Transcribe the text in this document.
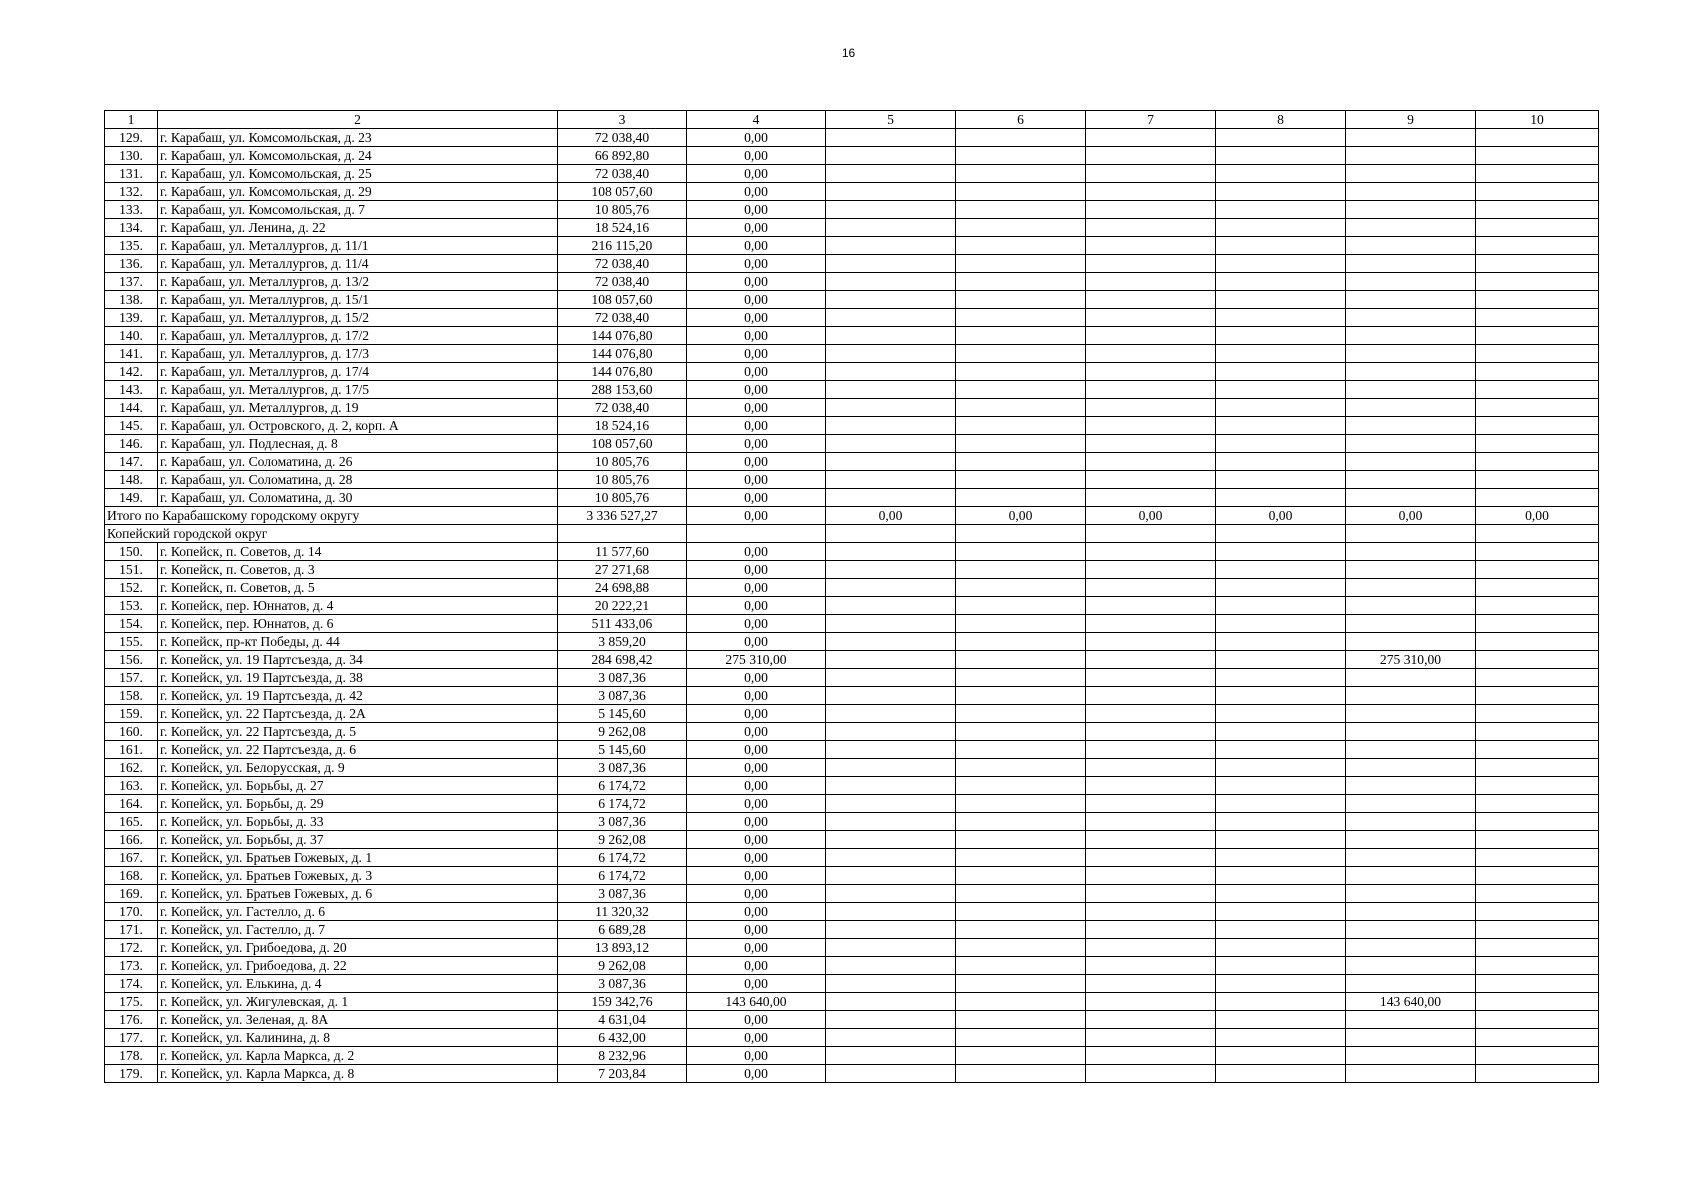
16
1	2	3	4	5	6	7	8	9	10
129.	г. Карабаш, ул. Комсомольская, д. 23	72 038,40	0,00						
130.	г. Карабаш, ул. Комсомольская, д. 24	66 892,80	0,00						
131.	г. Карабаш, ул. Комсомольская, д. 25	72 038,40	0,00						
132.	г. Карабаш, ул. Комсомольская, д. 29	108 057,60	0,00						
133.	г. Карабаш, ул. Комсомольская, д. 7	10 805,76	0,00						
134.	г. Карабаш, ул. Ленина, д. 22	18 524,16	0,00						
135.	г. Карабаш, ул. Металлургов, д. 11/1	216 115,20	0,00						
136.	г. Карабаш, ул. Металлургов, д. 11/4	72 038,40	0,00						
137.	г. Карабаш, ул. Металлургов, д. 13/2	72 038,40	0,00						
138.	г. Карабаш, ул. Металлургов, д. 15/1	108 057,60	0,00						
139.	г. Карабаш, ул. Металлургов, д. 15/2	72 038,40	0,00						
140.	г. Карабаш, ул. Металлургов, д. 17/2	144 076,80	0,00						
141.	г. Карабаш, ул. Металлургов, д. 17/3	144 076,80	0,00						
142.	г. Карабаш, ул. Металлургов, д. 17/4	144 076,80	0,00						
143.	г. Карабаш, ул. Металлургов, д. 17/5	288 153,60	0,00						
144.	г. Карабаш, ул. Металлургов, д. 19	72 038,40	0,00						
145.	г. Карабаш, ул. Островского, д. 2, корп. А	18 524,16	0,00						
146.	г. Карабаш, ул. Подлесная, д. 8	108 057,60	0,00						
147.	г. Карабаш, ул. Соломатина, д. 26	10 805,76	0,00						
148.	г. Карабаш, ул. Соломатина, д. 28	10 805,76	0,00						
149.	г. Карабаш, ул. Соломатина, д. 30	10 805,76	0,00						
Итого по Карабашскому городскому округу		3 336 527,27	0,00	0,00	0,00	0,00	0,00	0,00	0,00
Копейский городской округ									
150.	г. Копейск, п. Советов, д. 14	11 577,60	0,00						
151.	г. Копейск, п. Советов, д. 3	27 271,68	0,00						
152.	г. Копейск, п. Советов, д. 5	24 698,88	0,00						
153.	г. Копейск, пер. Юннатов, д. 4	20 222,21	0,00						
154.	г. Копейск, пер. Юннатов, д. 6	511 433,06	0,00						
155.	г. Копейск, пр-кт Победы, д. 44	3 859,20	0,00						
156.	г. Копейск, ул. 19 Партсъезда, д. 34	284 698,42	275 310,00					275 310,00	
157.	г. Копейск, ул. 19 Партсъезда, д. 38	3 087,36	0,00						
158.	г. Копейск, ул. 19 Партсъезда, д. 42	3 087,36	0,00						
159.	г. Копейск, ул. 22 Партсъезда, д. 2А	5 145,60	0,00						
160.	г. Копейск, ул. 22 Партсъезда, д. 5	9 262,08	0,00						
161.	г. Копейск, ул. 22 Партсъезда, д. 6	5 145,60	0,00						
162.	г. Копейск, ул. Белорусская, д. 9	3 087,36	0,00						
163.	г. Копейск, ул. Борьбы, д. 27	6 174,72	0,00						
164.	г. Копейск, ул. Борьбы, д. 29	6 174,72	0,00						
165.	г. Копейск, ул. Борьбы, д. 33	3 087,36	0,00						
166.	г. Копейск, ул. Борьбы, д. 37	9 262,08	0,00						
167.	г. Копейск, ул. Братьев Гожевых, д. 1	6 174,72	0,00						
168.	г. Копейск, ул. Братьев Гожевых, д. 3	6 174,72	0,00						
169.	г. Копейск, ул. Братьев Гожевых, д. 6	3 087,36	0,00						
170.	г. Копейск, ул. Гастелло, д. 6	11 320,32	0,00						
171.	г. Копейск, ул. Гастелло, д. 7	6 689,28	0,00						
172.	г. Копейск, ул. Грибоедова, д. 20	13 893,12	0,00						
173.	г. Копейск, ул. Грибоедова, д. 22	9 262,08	0,00						
174.	г. Копейск, ул. Елькина, д. 4	3 087,36	0,00						
175.	г. Копейск, ул. Жигулевская, д. 1	159 342,76	143 640,00					143 640,00	
176.	г. Копейск, ул. Зеленая, д. 8А	4 631,04	0,00						
177.	г. Копейск, ул. Калинина, д. 8	6 432,00	0,00						
178.	г. Копейск, ул. Карла Маркса, д. 2	8 232,96	0,00						
179.	г. Копейск, ул. Карла Маркса, д. 8	7 203,84	0,00						
